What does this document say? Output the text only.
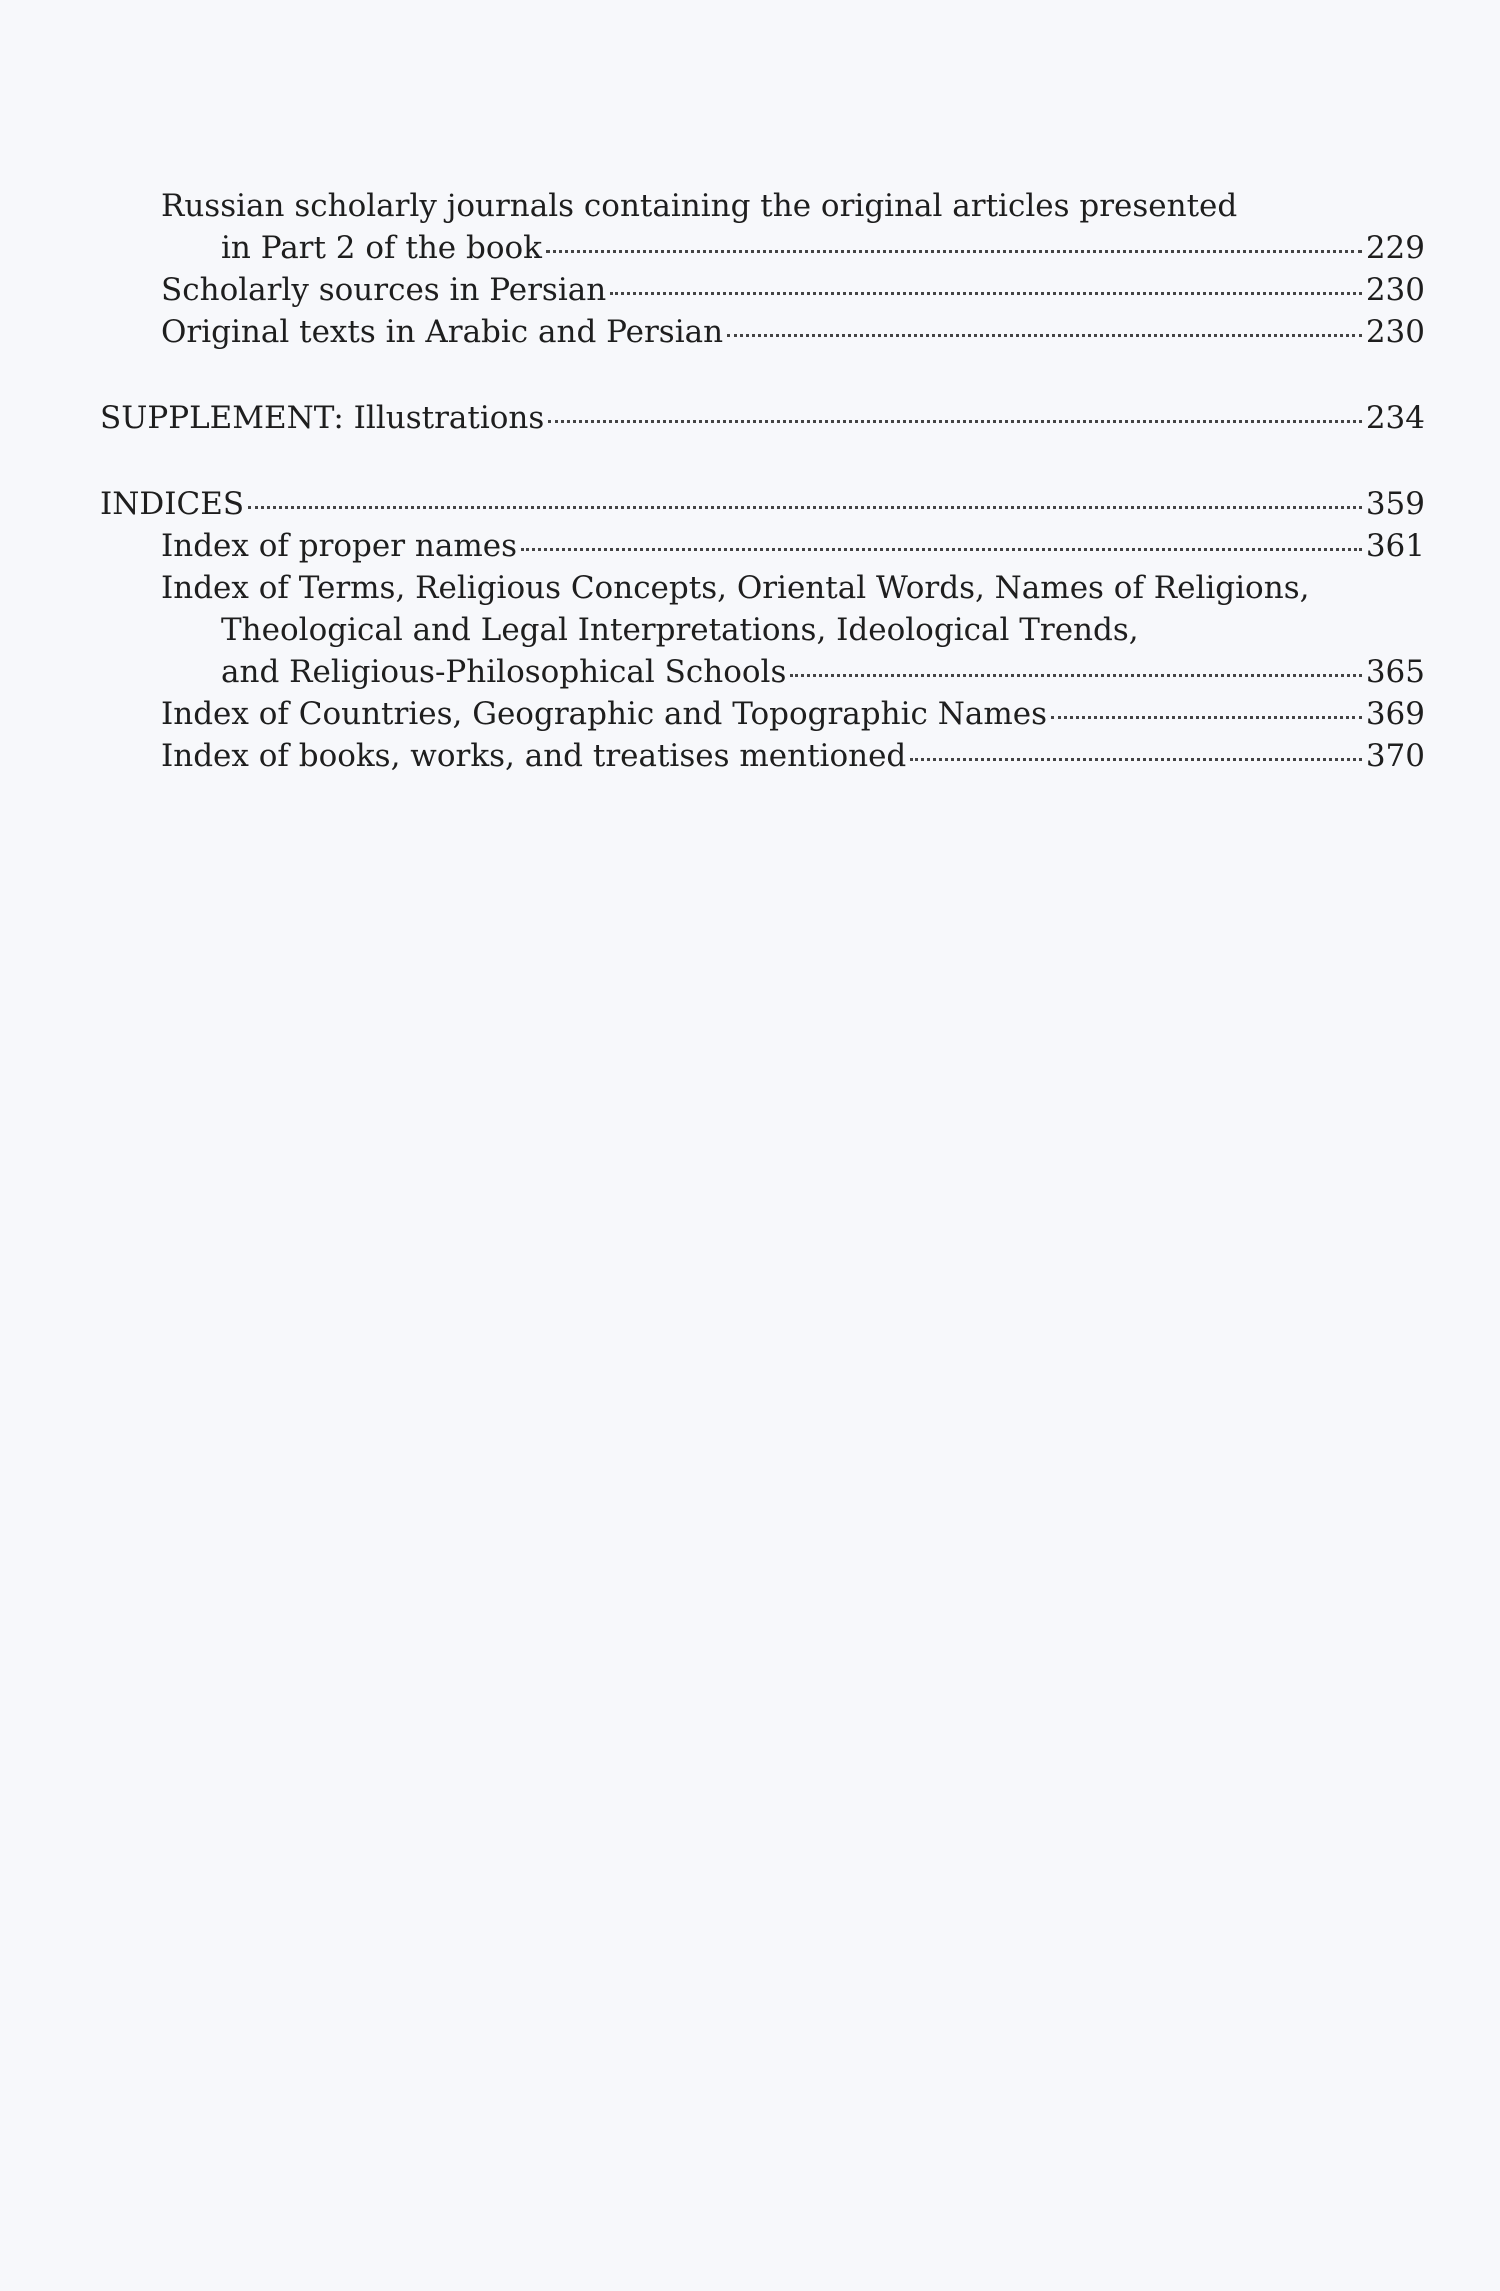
Russian scholarly journals containing the original articles presented
in Part 2 of the book	229
Scholarly sources in Persian	230
Original texts in Arabic and Persian	230
SUPPLEMENT: Illustrations	234
INDICES	359
Index of proper names	361
Index of Terms, Religious Concepts, Oriental Words, Names of Religions,
Theological and Legal Interpretations, Ideological Trends,
and Religious-Philosophical Schools	365
Index of Countries, Geographic and Topographic Names	369
Index of books, works, and treatises mentioned	370
